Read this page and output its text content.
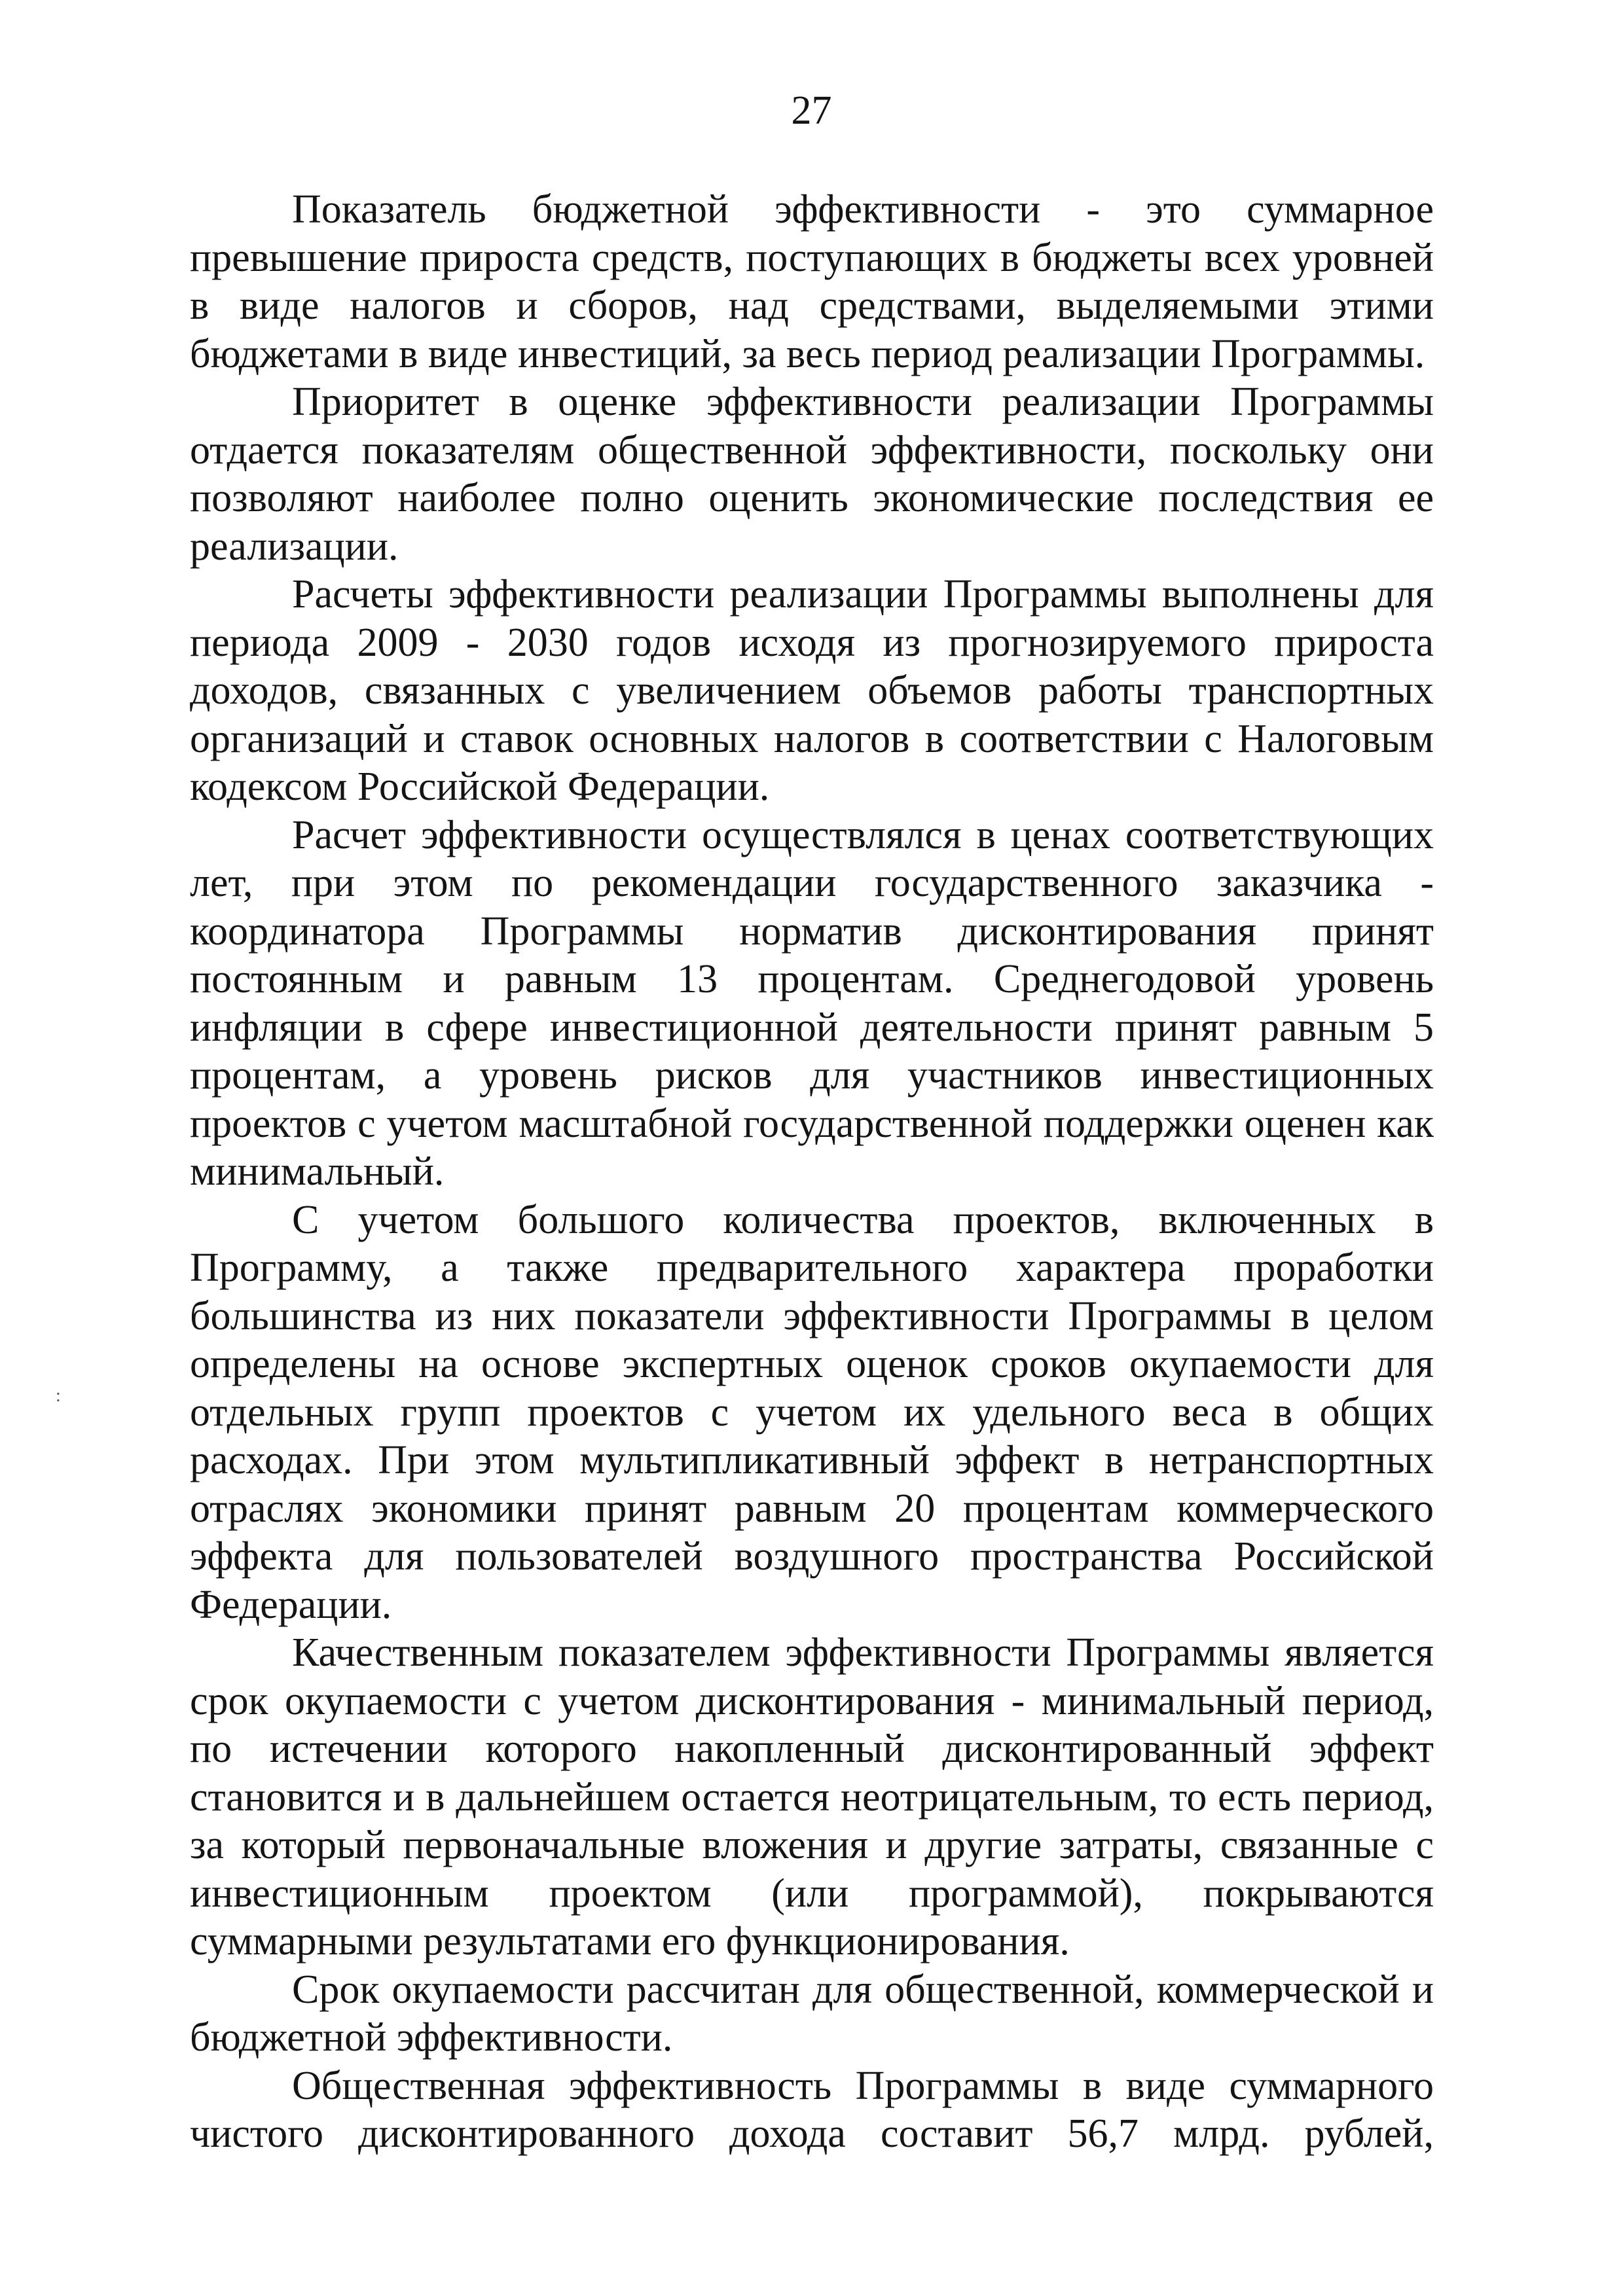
27
:

Показатель бюджетной эффективности - это суммарное превышение прироста средств, поступающих в бюджеты всех уровней в виде налогов и сборов, над средствами, выделяемыми этими бюджетами в виде инвестиций, за весь период реализации Программы.

Приоритет в оценке эффективности реализации Программы отдается показателям общественной эффективности, поскольку они позволяют наиболее полно оценить экономические последствия ее реализации.

Расчеты эффективности реализации Программы выполнены для периода 2009 - 2030 годов исходя из прогнозируемого прироста доходов, связанных с увеличением объемов работы транспортных организаций и ставок основных налогов в соответствии с Налоговым кодексом Российской Федерации.

Расчет эффективности осуществлялся в ценах соответствующих лет, при этом по рекомендации государственного заказчика - координатора Программы норматив дисконтирования принят постоянным и равным 13 процентам. Среднегодовой уровень инфляции в сфере инвестиционной деятельности принят равным 5 процентам, а уровень рисков для участников инвестиционных проектов с учетом масштабной государственной поддержки оценен как минимальный.

С учетом большого количества проектов, включенных в Программу, а также предварительного характера проработки большинства из них показатели эффективности Программы в целом определены на основе экспертных оценок сроков окупаемости для отдельных групп проектов с учетом их удельного веса в общих расходах. При этом мультипликативный эффект в нетранспортных отраслях экономики принят равным 20 процентам коммерческого эффекта для пользователей воздушного пространства Российской Федерации.

Качественным показателем эффективности Программы является срок окупаемости с учетом дисконтирования - минимальный период, по истечении которого накопленный дисконтированный эффект становится и в дальнейшем остается неотрицательным, то есть период, за который первоначальные вложения и другие затраты, связанные с инвестиционным проектом (или программой), покрываются суммарными результатами его функционирования.

Срок окупаемости рассчитан для общественной, коммерческой и бюджетной эффективности.

Общественная эффективность Программы в виде суммарного чистого дисконтированного дохода составит 56,7 млрд. рублей,
